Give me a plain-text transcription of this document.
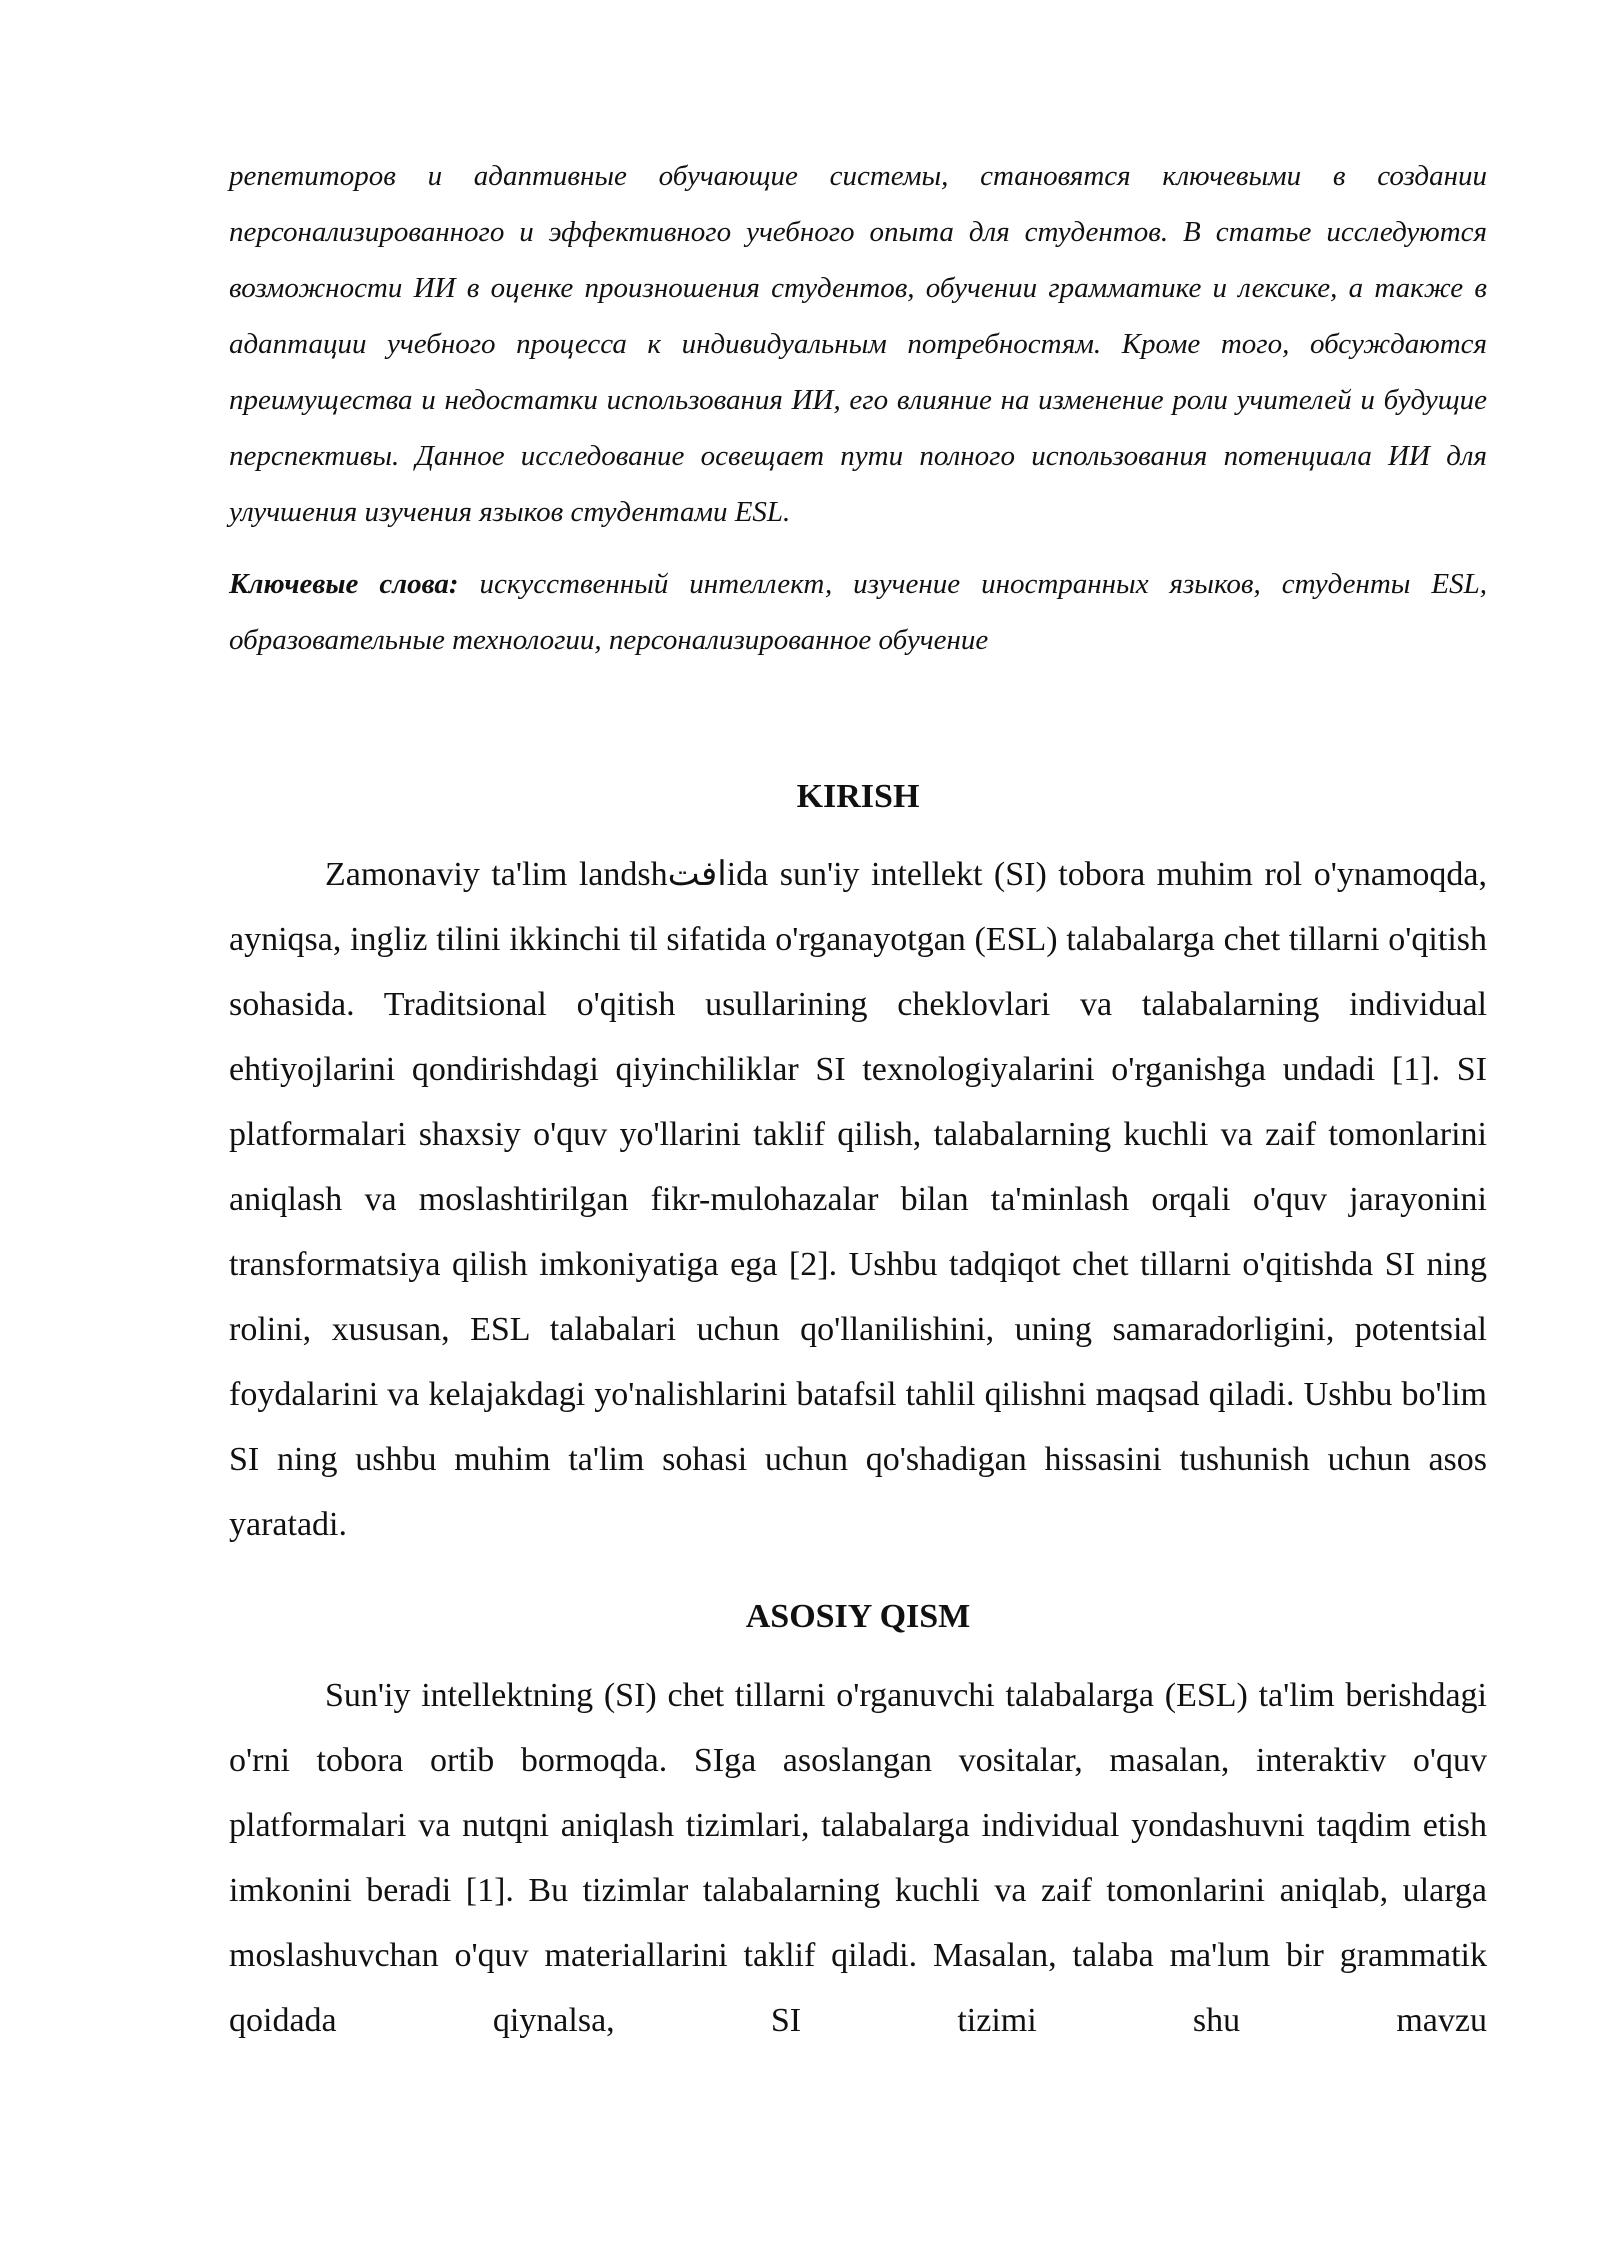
репетиторов и адаптивные обучающие системы, становятся ключевыми в создании персонализированного и эффективного учебного опыта для студентов. В статье исследуются возможности ИИ в оценке произношения студентов, обучении грамматике и лексике, а также в адаптации учебного процесса к индивидуальным потребностям. Кроме того, обсуждаются преимущества и недостатки использования ИИ, его влияние на изменение роли учителей и будущие перспективы. Данное исследование освещает пути полного использования потенциала ИИ для улучшения изучения языков студентами ESL.

Ключевые слова: искусственный интеллект, изучение иностранных языков, студенты ESL, образовательные технологии, персонализированное обучение

KIRISH

Zamonaviy ta'lim landshافتida sun'iy intellekt (SI) tobora muhim rol o'ynamoqda, ayniqsa, ingliz tilini ikkinchi til sifatida o'rganayotgan (ESL) talabalarga chet tillarni o'qitish sohasida. Traditsional o'qitish usullarining cheklovlari va talabalarning individual ehtiyojlarini qondirishdagi qiyinchiliklar SI texnologiyalarini o'rganishga undadi [1]. SI platformalari shaxsiy o'quv yo'llarini taklif qilish, talabalarning kuchli va zaif tomonlarini aniqlash va moslashtirilgan fikr-mulohazalar bilan ta'minlash orqali o'quv jarayonini transformatsiya qilish imkoniyatiga ega [2]. Ushbu tadqiqot chet tillarni o'qitishda SI ning rolini, xususan, ESL talabalari uchun qo'llanilishini, uning samaradorligini, potentsial foydalarini va kelajakdagi yo'nalishlarini batafsil tahlil qilishni maqsad qiladi. Ushbu bo'lim SI ning ushbu muhim ta'lim sohasi uchun qo'shadigan hissasini tushunish uchun asos yaratadi.

ASOSIY QISM

Sun'iy intellektning (SI) chet tillarni o'rganuvchi talabalarga (ESL) ta'lim berishdagi o'rni tobora ortib bormoqda. SIga asoslangan vositalar, masalan, interaktiv o'quv platformalari va nutqni aniqlash tizimlari, talabalarga individual yondashuvni taqdim etish imkonini beradi [1]. Bu tizimlar talabalarning kuchli va zaif tomonlarini aniqlab, ularga moslashuvchan o'quv materiallarini taklif qiladi. Masalan, talaba ma'lum bir grammatik qoidada qiynalsa, SI tizimi shu mavzu
